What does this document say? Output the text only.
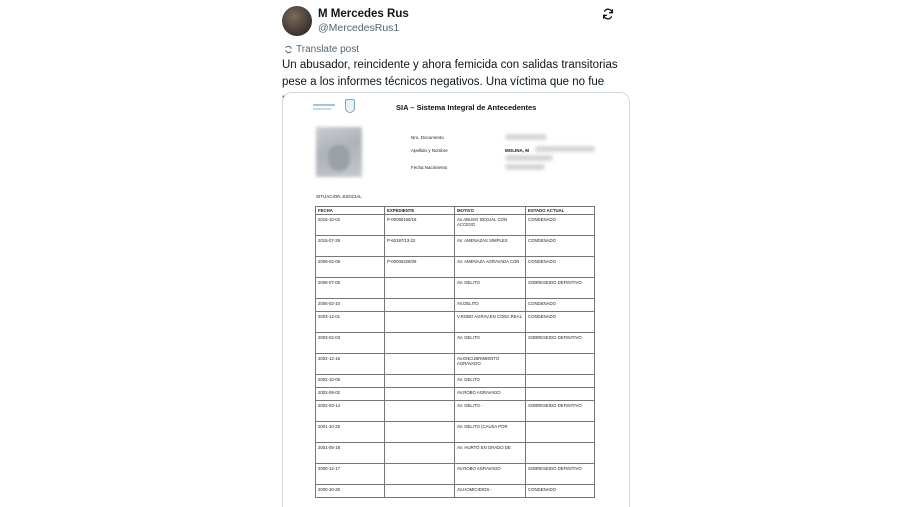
M Mercedes Rus
@MercedesRus1
Translate post
Un abusador, reincidente y ahora femicida con salidas transitorias pese a los informes técnicos negativos. Una víctima que no fue
SIA – Sistema Integral de Antecedentes
Nro. Documento
Apellido y Nombre	MOLINA, M
Fecha Nacimiento
SITUACION JUDICIAL
FECHA	EXPEDIENTE	MOTIVO	ESTADO ACTUAL
2015-10-02	P-00090160/15	AV.ABUSO SEXUAL CON ACCESO	CONDENADO
2015-07-28	P-60197/13-22	AV. AMENAZAS SIMPLES	CONDENADO
2009-02-08	P-00006328/09	AV. AMENAZA AGRAVADA CON	CONDENADO
2008-07-06		AV. DELITO	SOBRESEIDO DEFINITIVO
2005-02-10		AV.DELITO	CONDENADO
2003-12-01		V.ROBO AGRAV.EN CONC.REAL	CONDENADO
2003-02-03		AV. DELITO	SOBRESEIDO DEFINITIVO
2002-12-16		AV.ENCUBRIMIENTO AGRAVADO	
2002-10-05		AV. DELITO	
2002-08-02		AV.ROBO AGRAVADO	
2002-03-14		AV. DELITO -	SOBRESEIDO DEFINITIVO
2001-10-25		AV. DELITO (CAUSA POR	
2001-05-18		AV. HURTO EN GRADO DE	
2000-12-17		AV.ROBO AGRAVADO	SOBRESEIDO DEFINITIVO
2000-10-30		AV.HOMICIDIOS.-	CONDENADO
